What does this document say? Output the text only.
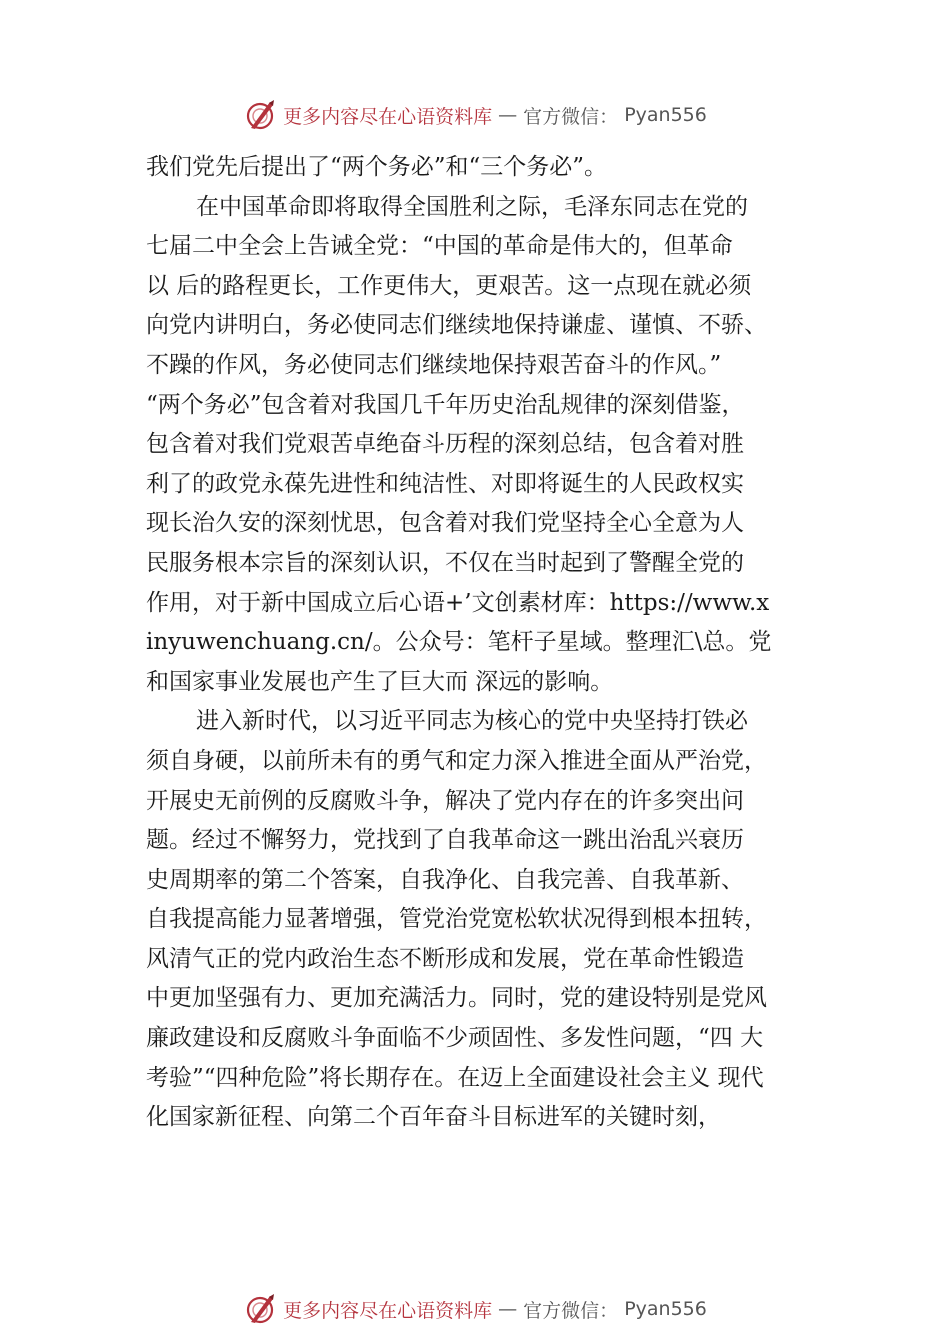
更多内容尽在心语资料库 — 官方微信： Pyan556
我们党先后提出了“两个务必”和“三个务必”。
在中国革命即将取得全国胜利之际，毛泽东同志在党的
七届二中全会上告诫全党：“中国的革命是伟大的，但革命
以 后的路程更长，工作更伟大，更艰苦。这一点现在就必须
向党内讲明白，务必使同志们继续地保持谦虚、谨慎、不骄、
不躁的作风，务必使同志们继续地保持艰苦奋斗的作风。”
“两个务必”包含着对我国几千年历史治乱规律的深刻借鉴，
包含着对我们党艰苦卓绝奋斗历程的深刻总结，包含着对胜
利了的政党永葆先进性和纯洁性、对即将诞生的人民政权实
现长治久安的深刻忧思，包含着对我们党坚持全心全意为人
民服务根本宗旨的深刻认识，不仅在当时起到了警醒全党的
作用，对于新中国成立后心语+’文创素材库：https://www.x
inyuwenchuang.cn/。公众号：笔杆子星域。整理汇\总。党
和国家事业发展也产生了巨大而 深远的影响。
进入新时代，以习近平同志为核心的党中央坚持打铁必
须自身硬，以前所未有的勇气和定力深入推进全面从严治党，
开展史无前例的反腐败斗争，解决了党内存在的许多突出问
题。经过不懈努力，党找到了自我革命这一跳出治乱兴衰历
史周期率的第二个答案，自我净化、自我完善、自我革新、
自我提高能力显著增强，管党治党宽松软状况得到根本扭转，
风清气正的党内政治生态不断形成和发展，党在革命性锻造
中更加坚强有力、更加充满活力。同时，党的建设特别是党风
廉政建设和反腐败斗争面临不少顽固性、多发性问题，“四 大
考验”“四种危险”将长期存在。在迈上全面建设社会主义 现代
化国家新征程、向第二个百年奋斗目标进军的关键时刻，
更多内容尽在心语资料库 — 官方微信： Pyan556
